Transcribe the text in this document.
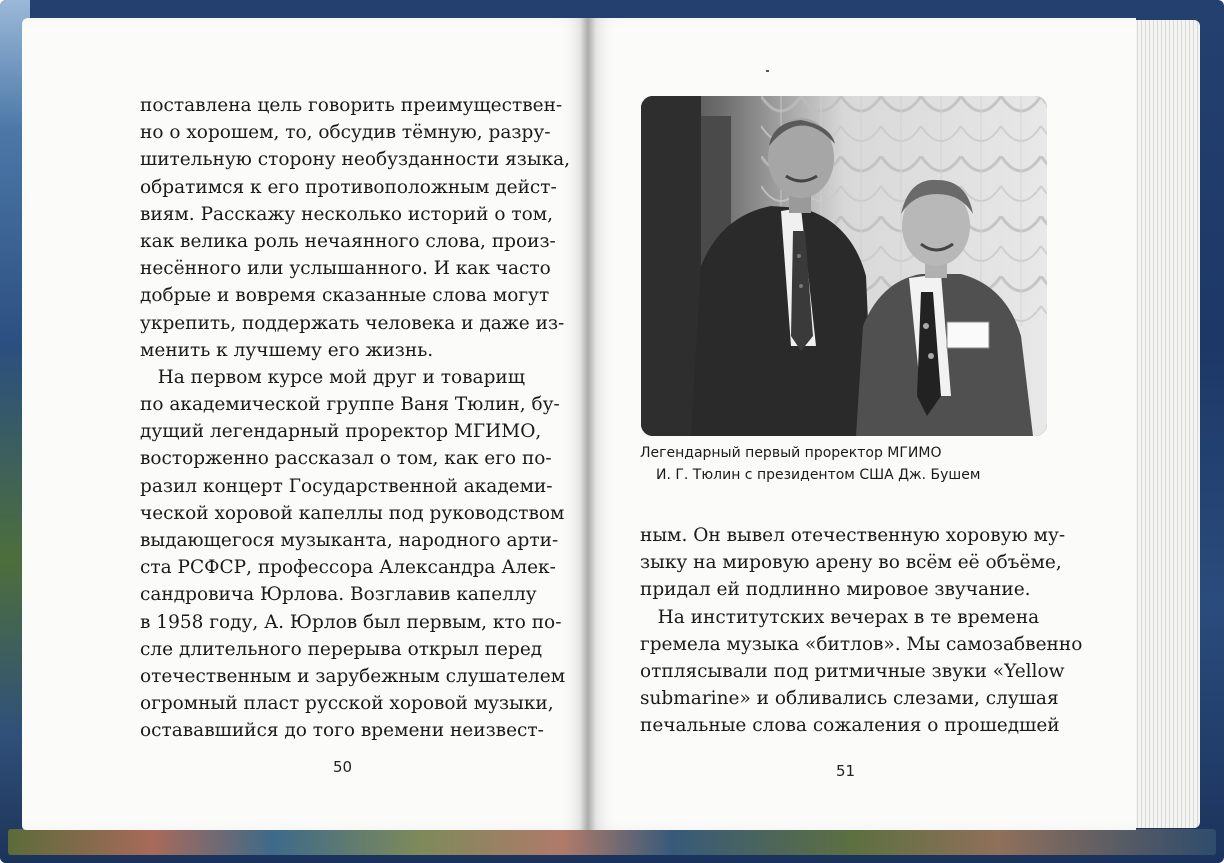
поставлена цель говорить преимуществен-
но о хорошем, то, обсудив тёмную, разру-
шительную сторону необузданности языка,
обратимся к его противоположным дейст-
виям. Расскажу несколько историй о том,
как велика роль нечаянного слова, произ-
несённого или услышанного. И как часто
добрые и вовремя сказанные слова могут
укрепить, поддержать человека и даже из-
менить к лучшему его жизнь.
На первом курсе мой друг и товарищ
по академической группе Ваня Тюлин, бу-
дущий легендарный проректор МГИМО,
восторженно рассказал о том, как его по-
разил концерт Государственной академи-
ческой хоровой капеллы под руководством
выдающегося музыканта, народного арти-
ста РСФСР, профессора Александра Алек-
сандровича Юрлова. Возглавив капеллу
в 1958 году, А. Юрлов был первым, кто по-
сле длительного перерыва открыл перед
отечественным и зарубежным слушателем
огромный пласт русской хоровой музыки,
остававшийся до того времени неизвест-
50
Легендарный первый проректор МГИМО
И. Г. Тюлин с президентом США Дж. Бушем
ным. Он вывел отечественную хоровую му-
зыку на мировую арену во всём её объёме,
придал ей подлинно мировое звучание.
На институтских вечерах в те времена
гремела музыка «битлов». Мы самозабвенно
отплясывали под ритмичные звуки «Yellow
submarine» и обливались слезами, слушая
печальные слова сожаления о прошедшей
51
